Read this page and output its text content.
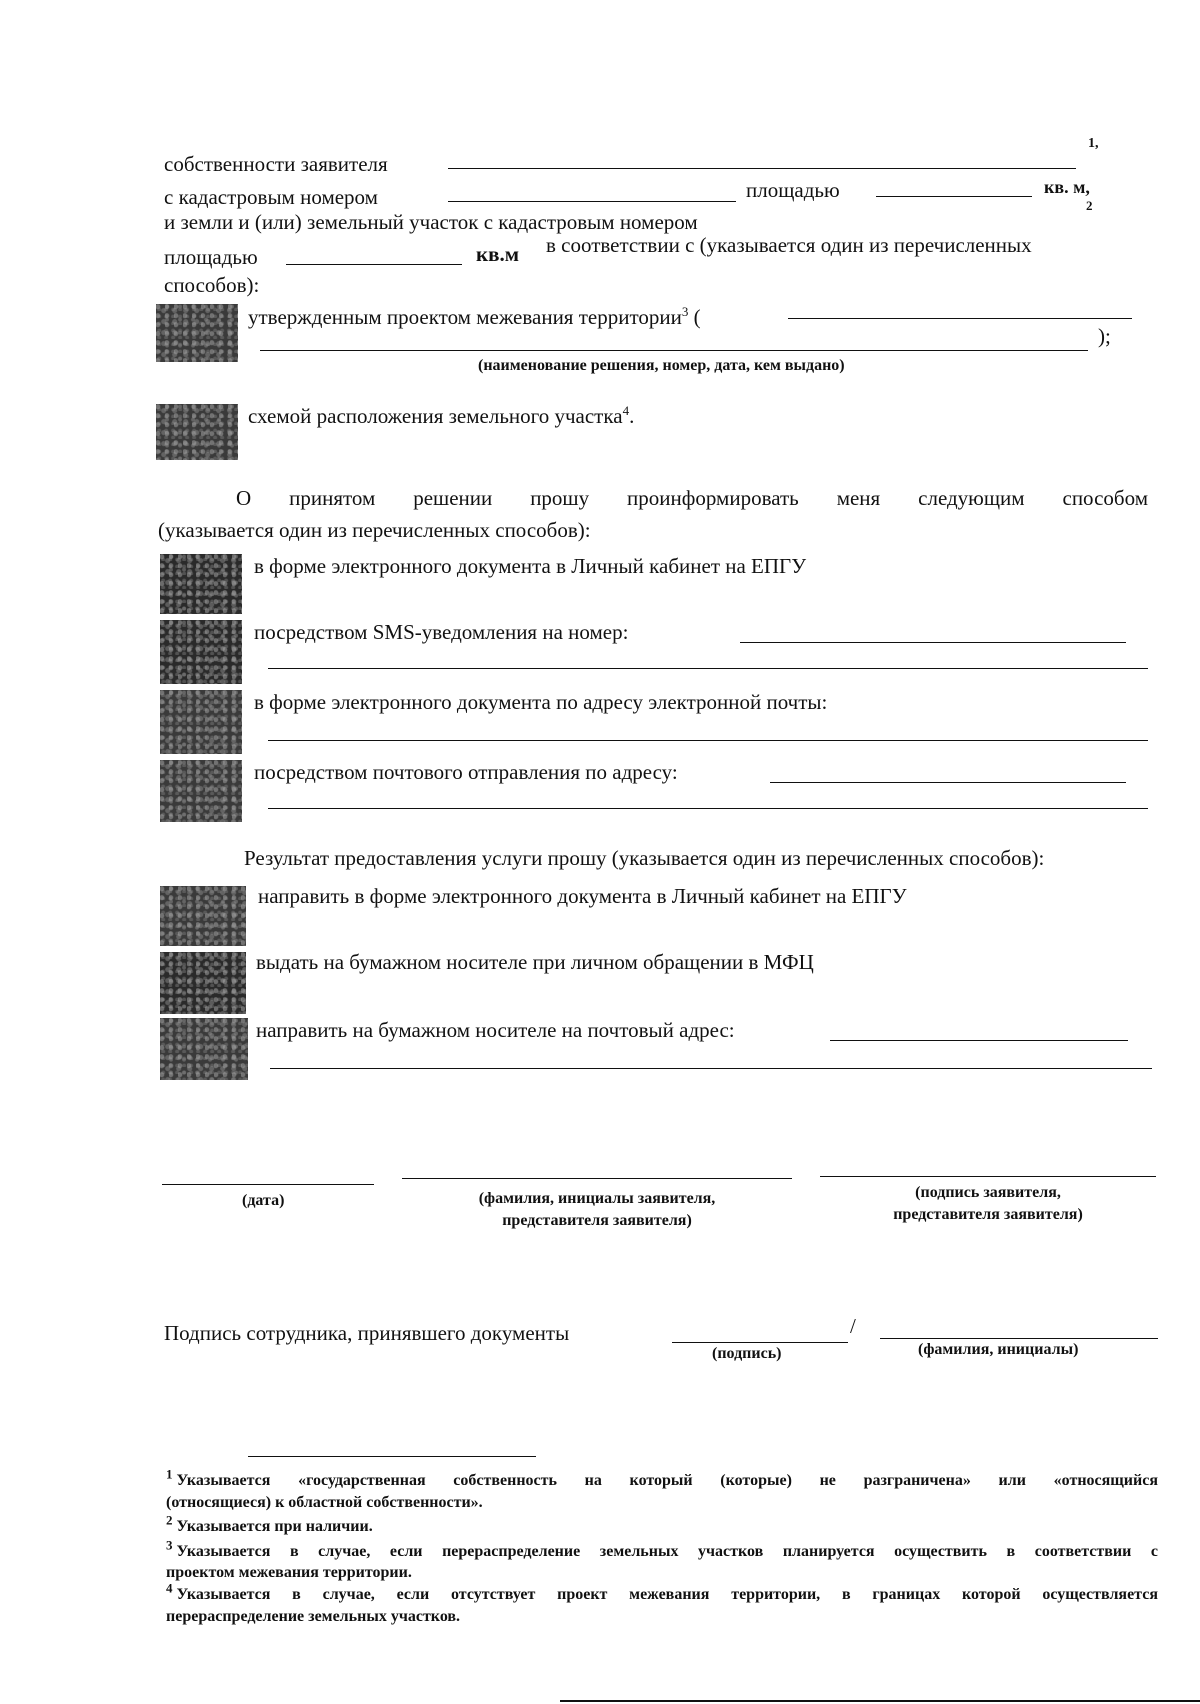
1,
собственности заявителя
с кадастровым номером	площадью	кв. м,
2
и земли и (или) земельный участок с кадастровым номером
площадью	кв.м в соответствии с (указывается один из перечисленных
способов):
утвержденным проектом межевания территории$^3$ (
);
(наименование решения, номер, дата, кем выдано)
схемой расположения земельного участка$^4$.
О принятом решении прошу проинформировать меня следующим способом
(указывается один из перечисленных способов):
в форме электронного документа в Личный кабинет на ЕПГУ
посредством SMS-уведомления на номер:
в форме электронного документа по адресу электронной почты:
посредством почтового отправления по адресу:
Результат предоставления услуги прошу (указывается один из перечисленных способов):
направить в форме электронного документа в Личный кабинет на ЕПГУ
выдать на бумажном носителе при личном обращении в МФЦ
направить на бумажном носителе на почтовый адрес:
(дата)	(фамилия, инициалы заявителя,
представителя заявителя)
(подпись заявителя,
представителя заявителя)
Подпись сотрудника, принявшего документы	/
(подпись)	(фамилия, инициалы)
$^1$ Указывается «государственная собственность на который (которые) не разграничена» или «относящийся
(относящиеся) к областной собственности».
$^2$ Указывается при наличии.
$^3$ Указывается в случае, если перераспределение земельных участков планируется осуществить в соответствии с
проектом межевания территории.
$^4$ Указывается в случае, если отсутствует проект межевания территории, в границах которой осуществляется
перераспределение земельных участков.
